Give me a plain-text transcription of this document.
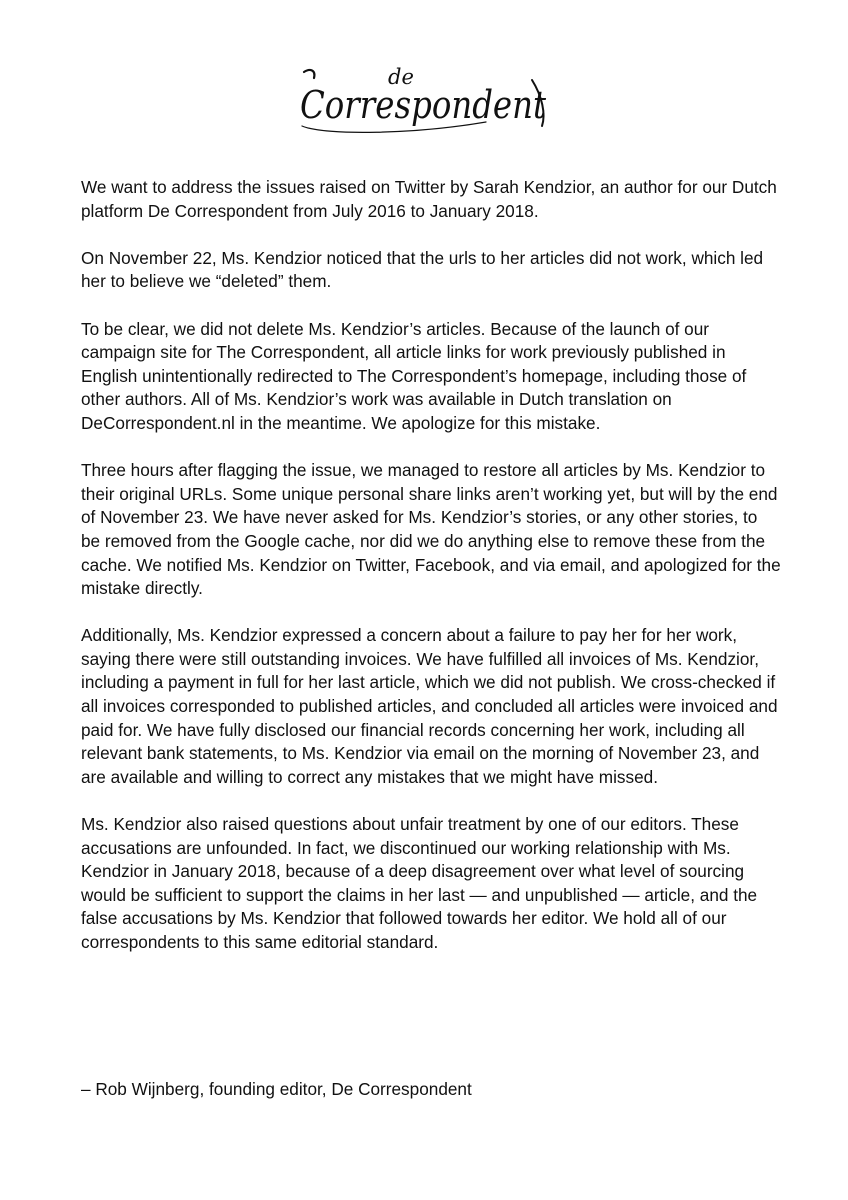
de
Correspondent

We want to address the issues raised on Twitter by Sarah Kendzior, an author for our Dutch platform De Correspondent from July 2016 to January 2018.

On November 22, Ms. Kendzior noticed that the urls to her articles did not work, which led her to believe we “deleted” them.

To be clear, we did not delete Ms. Kendzior’s articles. Because of the launch of our campaign site for The Correspondent, all article links for work previously published in English unintentionally redirected to The Correspondent’s homepage, including those of other authors. All of Ms. Kendzior’s work was available in Dutch translation on DeCorrespondent.nl in the meantime. We apologize for this mistake.

Three hours after flagging the issue, we managed to restore all articles by Ms. Kendzior to their original URLs. Some unique personal share links aren’t working yet, but will by the end of November 23. We have never asked for Ms. Kendzior’s stories, or any other stories, to be removed from the Google cache, nor did we do anything else to remove these from the cache. We notified Ms. Kendzior on Twitter, Facebook, and via email, and apologized for the mistake directly.

Additionally, Ms. Kendzior expressed a concern about a failure to pay her for her work, saying there were still outstanding invoices. We have fulfilled all invoices of Ms. Kendzior, including a payment in full for her last article, which we did not publish. We cross-checked if all invoices corresponded to published articles, and concluded all articles were invoiced and paid for. We have fully disclosed our financial records concerning her work, including all relevant bank statements, to Ms. Kendzior via email on the morning of November 23, and are available and willing to correct any mistakes that we might have missed.

Ms. Kendzior also raised questions about unfair treatment by one of our editors. These accusations are unfounded. In fact, we discontinued our working relationship with Ms. Kendzior in January 2018, because of a deep disagreement over what level of sourcing would be sufficient to support the claims in her last — and unpublished — article, and the false accusations by Ms. Kendzior that followed towards her editor. We hold all of our correspondents to this same editorial standard.

– Rob Wijnberg, founding editor, De Correspondent
